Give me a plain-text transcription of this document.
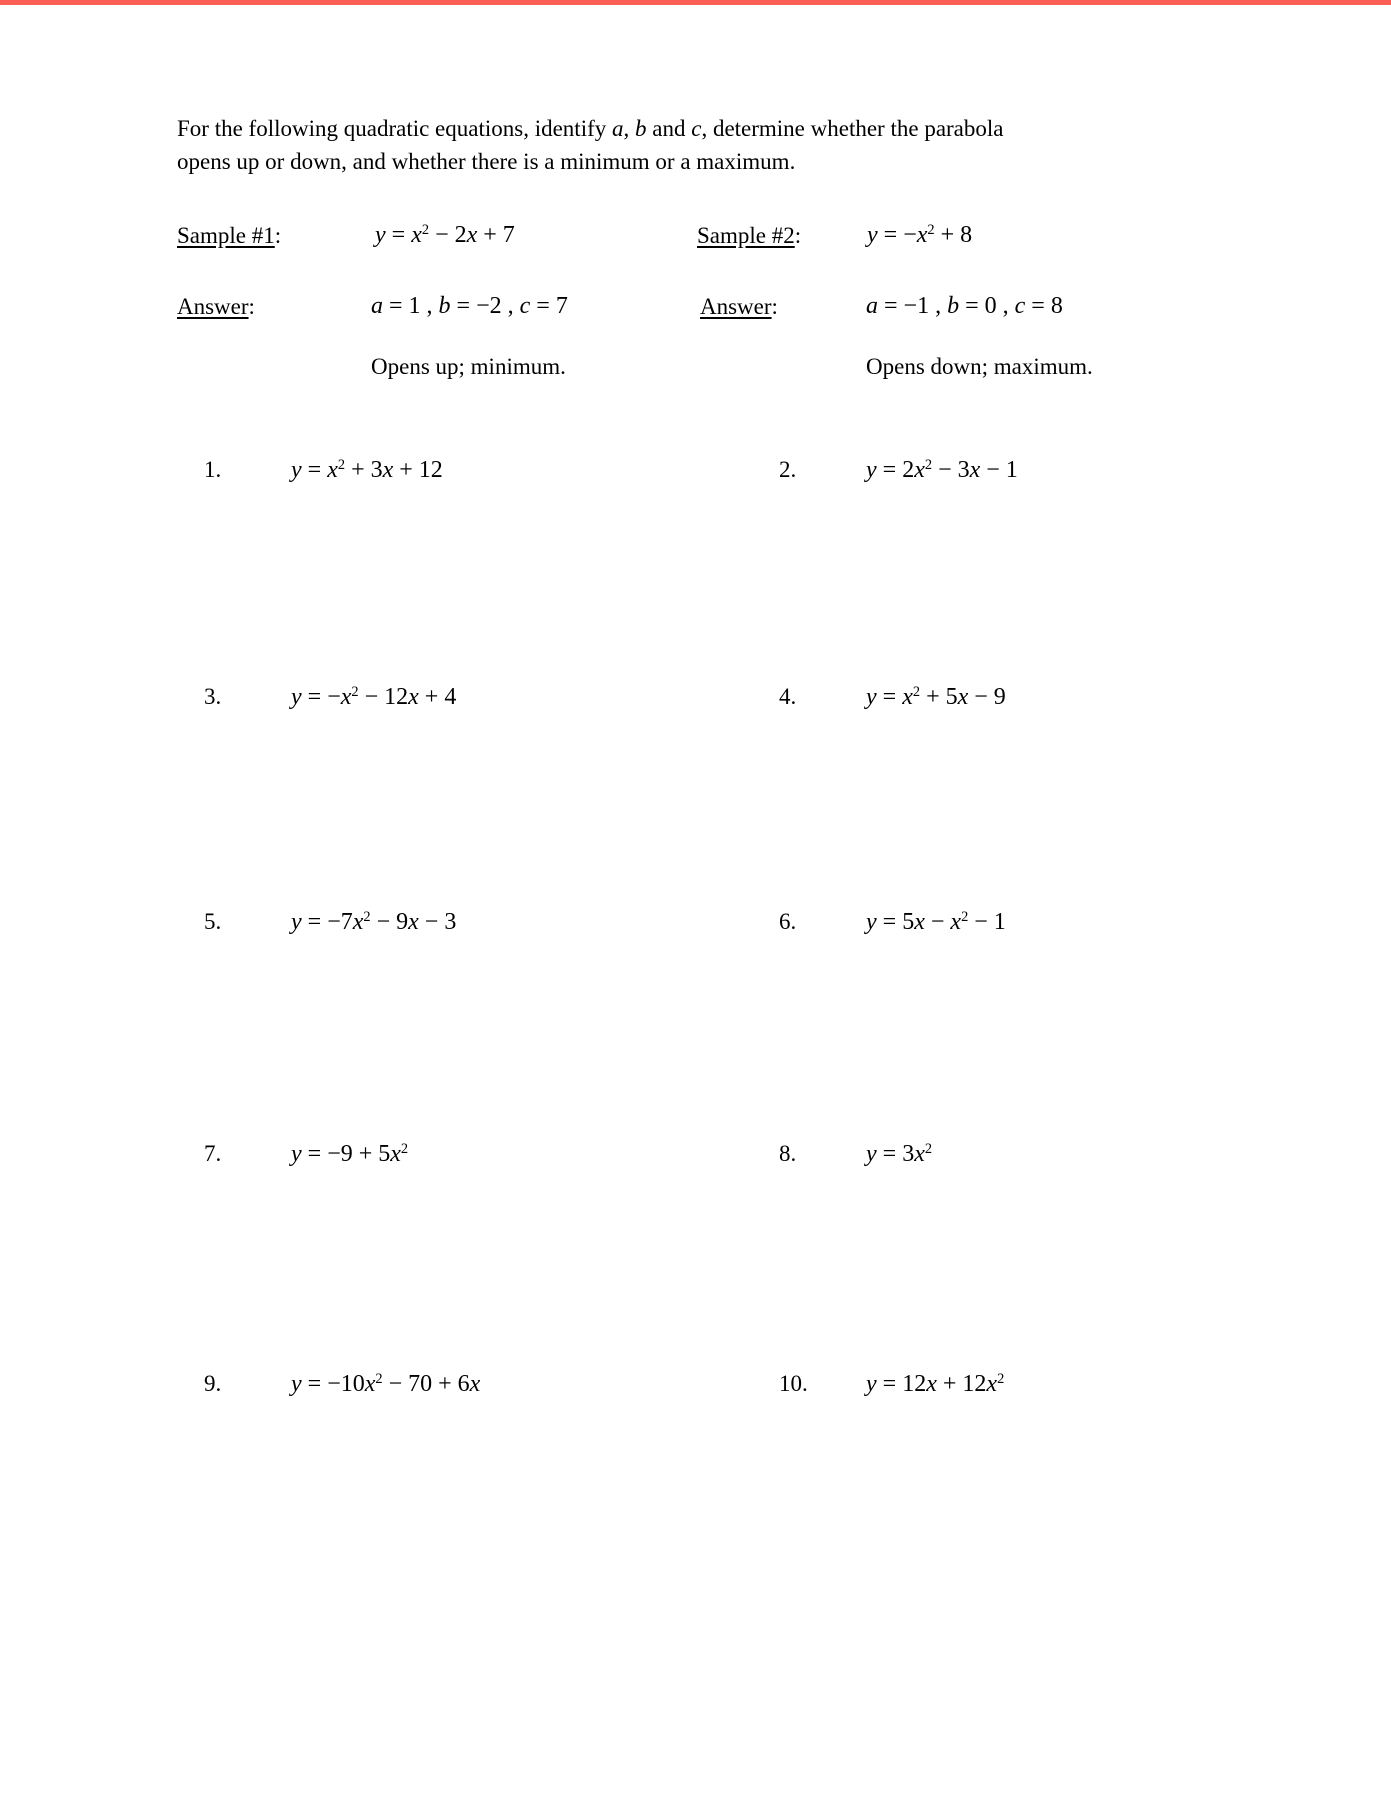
For the following quadratic equations, identify a, b and c, determine whether the parabola
opens up or down, and whether there is a minimum or a maximum.
Sample #1:	$y = x^2 - 2x + 7$	Sample #2:	$y = -x^2 + 8$
Answer:	a = 1 , b = −2 , c = 7	Answer:	a = −1 , b = 0 , c = 8
Opens up; minimum.	Opens down; maximum.
1.	$y = x^2 + 3x + 12$	2.	$y = 2x^2 - 3x - 1$
3.	$y = -x^2 - 12x + 4$	4.	$y = x^2 + 5x - 9$
5.	$y = -7x^2 - 9x - 3$	6.	$y = 5x - x^2 - 1$
7.	$y = -9 + 5x^2$	8.	$y = 3x^2$
9.	$y = -10x^2 - 70 + 6x$	10. $y = 12x + 12x^2$
